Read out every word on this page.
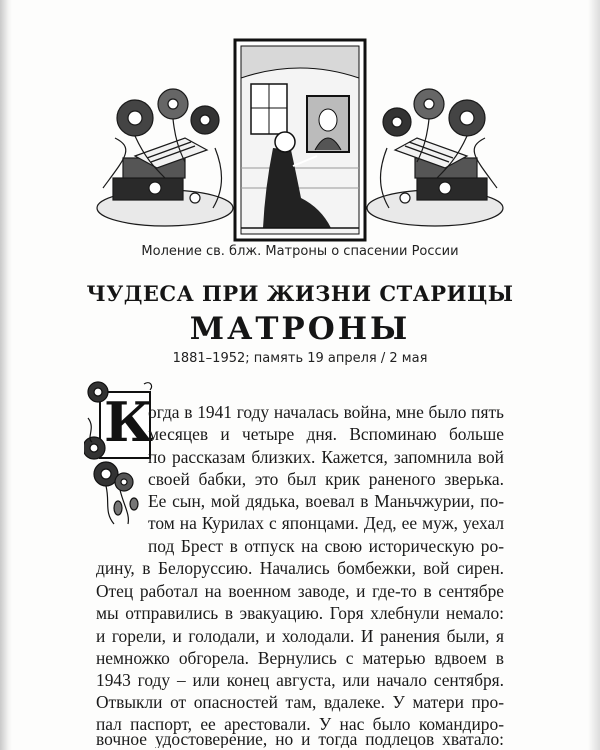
Моление св. блж. Матроны о спасении России
ЧУДЕСА ПРИ ЖИЗНИ СТАРИЦЫ
МАТРОНЫ
1881–1952; память 19 апреля / 2 мая
К
огда в 1941 году началась война, мне было пять
месяцев и четыре дня. Вспоминаю больше
по рассказам близких. Кажется, запомнила вой
своей бабки, это был крик раненого зверька.
Ее сын, мой дядька, воевал в Маньчжурии, по-
том на Курилах с японцами. Дед, ее муж, уехал
под Брест в отпуск на свою историческую ро-
дину, в Белоруссию. Начались бомбежки, вой сирен.
Отец работал на военном заводе, и где-то в сентябре
мы отправились в эвакуацию. Горя хлебнули немало:
и горели, и голодали, и холодали. И ранения были, я
немножко обгорела. Вернулись с матерью вдвоем в
1943 году – или конец августа, или начало сентября.
Отвыкли от опасностей там, вдалеке. У матери про-
пал паспорт, ее арестовали. У нас было командиро-
вочное удостоверение, но и тогда подлецов хватало:
